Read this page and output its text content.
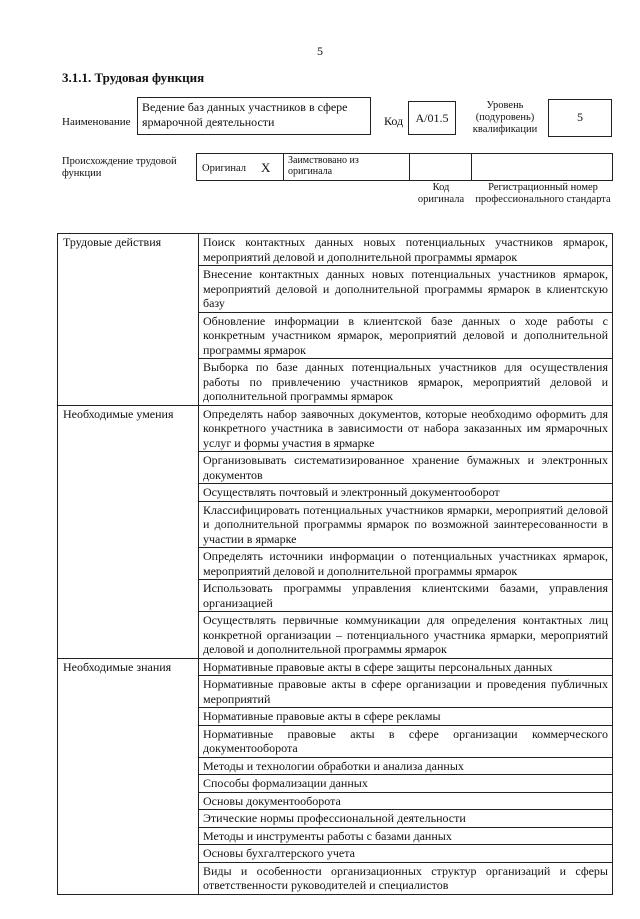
5
3.1.1. Трудовая функция
Наименование
Ведение баз данных участников в сфере ярмарочной деятельности	Код	A/01.5
Уровень (подуровень) квалификации
5
Происхождение трудовой функции	Оригинал X	Заимствовано из оригинала
Код оригинала
Регистрационный номер профессионального стандарта
Трудовые действия	Поиск контактных данных новых потенциальных участников ярмарок, мероприятий деловой и дополнительной программы ярмарок
	Внесение контактных данных новых потенциальных участников ярмарок, мероприятий деловой и дополнительной программы ярмарок в клиентскую базу
	Обновление информации в клиентской базе данных о ходе работы с конкретным участником ярмарок, мероприятий деловой и дополнительной программы ярмарок
	Выборка по базе данных потенциальных участников для осуществления работы по привлечению участников ярмарок, мероприятий деловой и дополнительной программы ярмарок
Необходимые умения	Определять набор заявочных документов, которые необходимо оформить для конкретного участника в зависимости от набора заказанных им ярмарочных услуг и формы участия в ярмарке
	Организовывать систематизированное хранение бумажных и электронных документов
	Осуществлять почтовый и электронный документооборот
	Классифицировать потенциальных участников ярмарки, мероприятий деловой и дополнительной программы ярмарок по возможной заинтересованности в участии в ярмарке
	Определять источники информации о потенциальных участниках ярмарок, мероприятий деловой и дополнительной программы ярмарок
	Использовать программы управления клиентскими базами, управления организацией
	Осуществлять первичные коммуникации для определения контактных лиц конкретной организации – потенциального участника ярмарки, мероприятий деловой и дополнительной программы ярмарок
Необходимые знания	Нормативные правовые акты в сфере защиты персональных данных
	Нормативные правовые акты в сфере организации и проведения публичных мероприятий
	Нормативные правовые акты в сфере рекламы
	Нормативные правовые акты в сфере организации коммерческого документооборота
	Методы и технологии обработки и анализа данных
	Способы формализации данных
	Основы документооборота
	Этические нормы профессиональной деятельности
	Методы и инструменты работы с базами данных
	Основы бухгалтерского учета
	Виды и особенности организационных структур организаций и сферы ответственности руководителей и специалистов
